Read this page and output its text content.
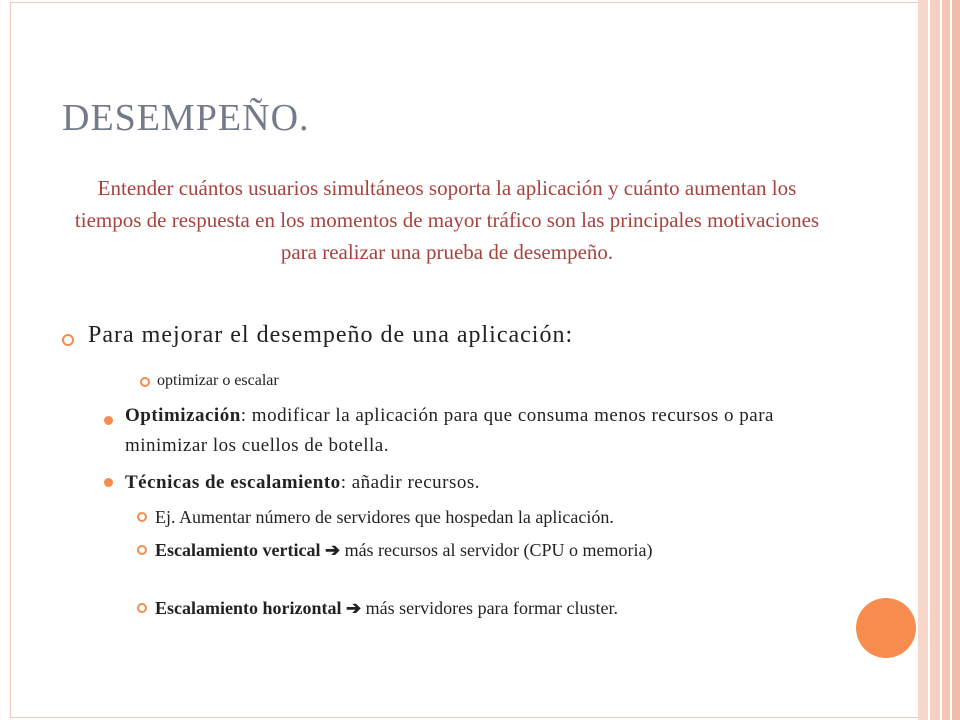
DESEMPEÑO.

Entender cuántos usuarios simultáneos soporta la aplicación y cuánto aumentan los tiempos de respuesta en los momentos de mayor tráfico son las principales motivaciones para realizar una prueba de desempeño.

Para mejorar el desempeño de una aplicación:

optimizar o escalar

Optimización: modificar la aplicación para que consuma menos recursos o para minimizar los cuellos de botella.

Técnicas de escalamiento: añadir recursos.

Ej. Aumentar número de servidores que hospedan la aplicación.

Escalamiento vertical ➔ más recursos al servidor (CPU o memoria)

Escalamiento horizontal ➔ más servidores para formar cluster.
